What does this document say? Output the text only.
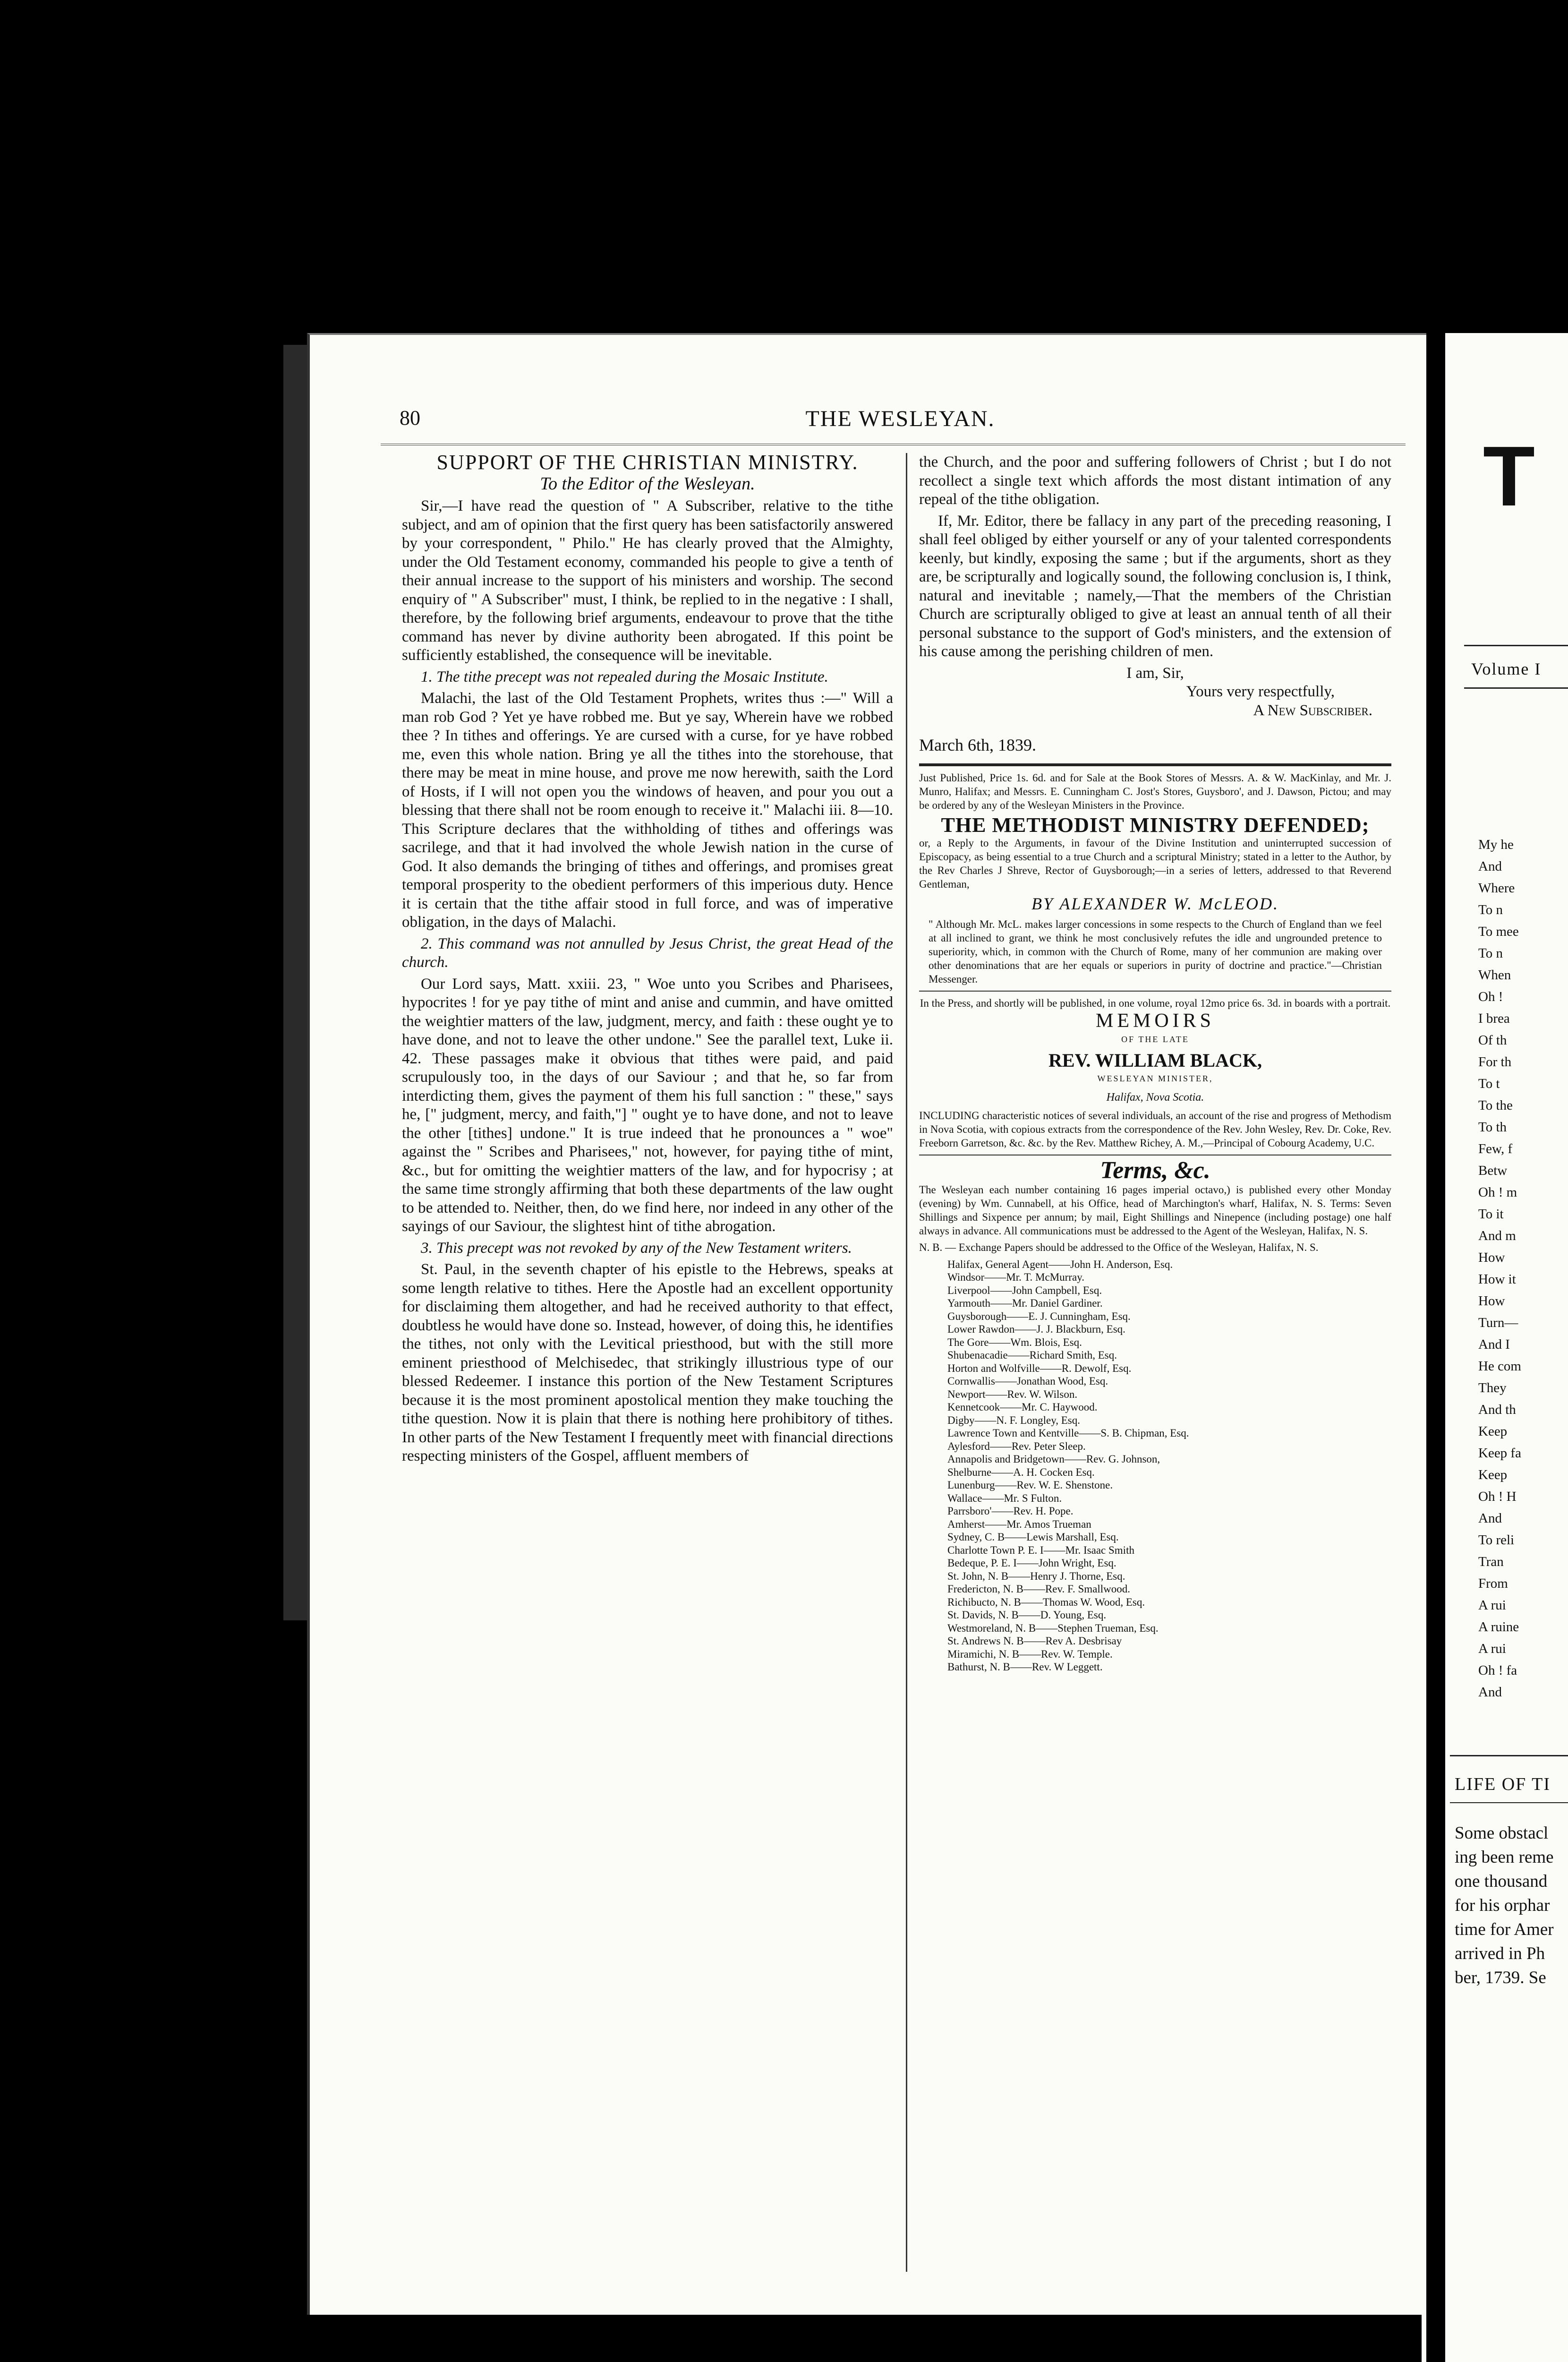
80	THE WESLEYAN.
SUPPORT OF THE CHRISTIAN MINISTRY.
To the Editor of the Wesleyan.

Sir,—I have read the question of " A Subscriber, relative to the tithe subject, and am of opinion that the first query has been satisfactorily answered by your correspondent, " Philo." He has clearly proved that the Almighty, under the Old Testament economy, commanded his people to give a tenth of their annual increase to the support of his ministers and worship. The second enquiry of " A Subscriber" must, I think, be replied to in the negative : I shall, therefore, by the following brief arguments, endeavour to prove that the tithe command has never by divine authority been abrogated. If this point be sufficiently established, the consequence will be inevitable.

1. The tithe precept was not repealed during the Mosaic Institute.

Malachi, the last of the Old Testament Prophets, writes thus :—" Will a man rob God ? Yet ye have robbed me. But ye say, Wherein have we robbed thee ? In tithes and offerings. Ye are cursed with a curse, for ye have robbed me, even this whole nation. Bring ye all the tithes into the storehouse, that there may be meat in mine house, and prove me now herewith, saith the Lord of Hosts, if I will not open you the windows of heaven, and pour you out a blessing that there shall not be room enough to receive it." Malachi iii. 8—10. This Scripture declares that the withholding of tithes and offerings was sacrilege, and that it had involved the whole Jewish nation in the curse of God. It also demands the bringing of tithes and offerings, and promises great temporal prosperity to the obedient performers of this imperious duty. Hence it is certain that the tithe affair stood in full force, and was of imperative obligation, in the days of Malachi.

2. This command was not annulled by Jesus Christ, the great Head of the church.

Our Lord says, Matt. xxiii. 23, " Woe unto you Scribes and Pharisees, hypocrites ! for ye pay tithe of mint and anise and cummin, and have omitted the weightier matters of the law, judgment, mercy, and faith : these ought ye to have done, and not to leave the other undone." See the parallel text, Luke ii. 42. These passages make it obvious that tithes were paid, and paid scrupulously too, in the days of our Saviour ; and that he, so far from interdicting them, gives the payment of them his full sanction : " these," says he, [" judgment, mercy, and faith,"] " ought ye to have done, and not to leave the other [tithes] undone." It is true indeed that he pronounces a " woe" against the " Scribes and Pharisees," not, however, for paying tithe of mint, &c., but for omitting the weightier matters of the law, and for hypocrisy ; at the same time strongly affirming that both these departments of the law ought to be attended to. Neither, then, do we find here, nor indeed in any other of the sayings of our Saviour, the slightest hint of tithe abrogation.

3. This precept was not revoked by any of the New Testament writers.

St. Paul, in the seventh chapter of his epistle to the Hebrews, speaks at some length relative to tithes. Here the Apostle had an excellent opportunity for disclaiming them altogether, and had he received authority to that effect, doubtless he would have done so. Instead, however, of doing this, he identifies the tithes, not only with the Levitical priesthood, but with the still more eminent priesthood of Melchisedec, that strikingly illustrious type of our blessed Redeemer. I instance this portion of the New Testament Scriptures because it is the most prominent apostolical mention they make touching the tithe question. Now it is plain that there is nothing here prohibitory of tithes. In other parts of the New Testament I frequently meet with financial directions respecting ministers of the Gospel, affluent members of

the Church, and the poor and suffering followers of Christ ; but I do not recollect a single text which affords the most distant intimation of any repeal of the tithe obligation.

If, Mr. Editor, there be fallacy in any part of the preceding reasoning, I shall feel obliged by either yourself or any of your talented correspondents keenly, but kindly, exposing the same ; but if the arguments, short as they are, be scripturally and logically sound, the following conclusion is, I think, natural and inevitable ; namely,—That the members of the Christian Church are scripturally obliged to give at least an annual tenth of all their personal substance to the support of God's ministers, and the extension of his cause among the perishing children of men.

I am, Sir,
Yours very respectfully,
A New Subscriber.

March 6th, 1839.

Just Published, Price 1s. 6d. and for Sale at the Book Stores of Messrs. A. & W. MacKinlay, and Mr. J. Munro, Halifax; and Messrs. E. Cunningham C. Jost's Stores, Guysboro', and J. Dawson, Pictou; and may be ordered by any of the Wesleyan Ministers in the Province.
THE METHODIST MINISTRY DEFENDED;
or, a Reply to the Arguments, in favour of the Divine Institution and uninterrupted succession of Episcopacy, as being essential to a true Church and a scriptural Ministry; stated in a letter to the Author, by the Rev Charles J Shreve, Rector of Guysborough;—in a series of letters, addressed to that Reverend Gentleman,
BY ALEXANDER W. McLEOD.
" Although Mr. McL. makes larger concessions in some respects to the Church of England than we feel at all inclined to grant, we think he most conclusively refutes the idle and ungrounded pretence to superiority, which, in common with the Church of Rome, many of her communion are making over other denominations that are her equals or superiors in purity of doctrine and practice."—Christian Messenger.
In the Press, and shortly will be published, in one volume, royal 12mo price 6s. 3d. in boards with a portrait.
MEMOIRS
OF THE LATE
REV. WILLIAM BLACK,
WESLEYAN MINISTER,
Halifax, Nova Scotia.
INCLUDING characteristic notices of several individuals, an account of the rise and progress of Methodism in Nova Scotia, with copious extracts from the correspondence of the Rev. John Wesley, Rev. Dr. Coke, Rev. Freeborn Garretson, &c. &c. by the Rev. Matthew Richey, A. M.,—Principal of Cobourg Academy, U.C.
Terms, &c.
The Wesleyan each number containing 16 pages imperial octavo,) is published every other Monday (evening) by Wm. Cunnabell, at his Office, head of Marchington's wharf, Halifax, N. S. Terms: Seven Shillings and Sixpence per annum; by mail, Eight Shillings and Ninepence (including postage) one half always in advance. All communications must be addressed to the Agent of the Wesleyan, Halifax, N. S.
N. B. — Exchange Papers should be addressed to the Office of the Wesleyan, Halifax, N. S.
Halifax, General Agent——John H. Anderson, Esq.
Windsor——Mr. T. McMurray.
Liverpool——John Campbell, Esq.
Yarmouth——Mr. Daniel Gardiner.
Guysborough——E. J. Cunningham, Esq.
Lower Rawdon——J. J. Blackburn, Esq.
The Gore——Wm. Blois, Esq.
Shubenacadie——Richard Smith, Esq.
Horton and Wolfville——R. Dewolf, Esq.
Cornwallis——Jonathan Wood, Esq.
Newport——Rev. W. Wilson.
Kennetcook——Mr. C. Haywood.
Digby——N. F. Longley, Esq.
Lawrence Town and Kentville——S. B. Chipman, Esq.
Aylesford——Rev. Peter Sleep.
Annapolis and Bridgetown——Rev. G. Johnson,
Shelburne——A. H. Cocken Esq.
Lunenburg——Rev. W. E. Shenstone.
Wallace——Mr. S Fulton.
Parrsboro'——Rev. H. Pope.
Amherst——Mr. Amos Trueman
Sydney, C. B——Lewis Marshall, Esq.
Charlotte Town P. E. I——Mr. Isaac Smith
Bedeque, P. E. I——John Wright, Esq.
St. John, N. B——Henry J. Thorne, Esq.
Fredericton, N. B——Rev. F. Smallwood.
Richibucto, N. B——Thomas W. Wood, Esq.
St. Davids, N. B——D. Young, Esq.
Westmoreland, N. B——Stephen Trueman, Esq.
St. Andrews N. B——Rev A. Desbrisay
Miramichi, N. B——Rev. W. Temple.
Bathurst, N. B——Rev. W Leggett.
T
Volume I
My he
And
Where
To n
To mee
To n
When
Oh !
I brea
Of th
For th
To t
To the
To th
Few, f
Betw
Oh ! m
To it
And m
How
How it
How
Turn—
And I
He com
They
And th
Keep
Keep fa
Keep
Oh ! H
And
To reli
Tran
From
A rui
A ruine
A rui
Oh ! fa
And
LIFE OF TI
Some obstacl
ing been reme
one thousand
for his orphar
time for Amer
arrived in Ph
ber, 1739. Se
